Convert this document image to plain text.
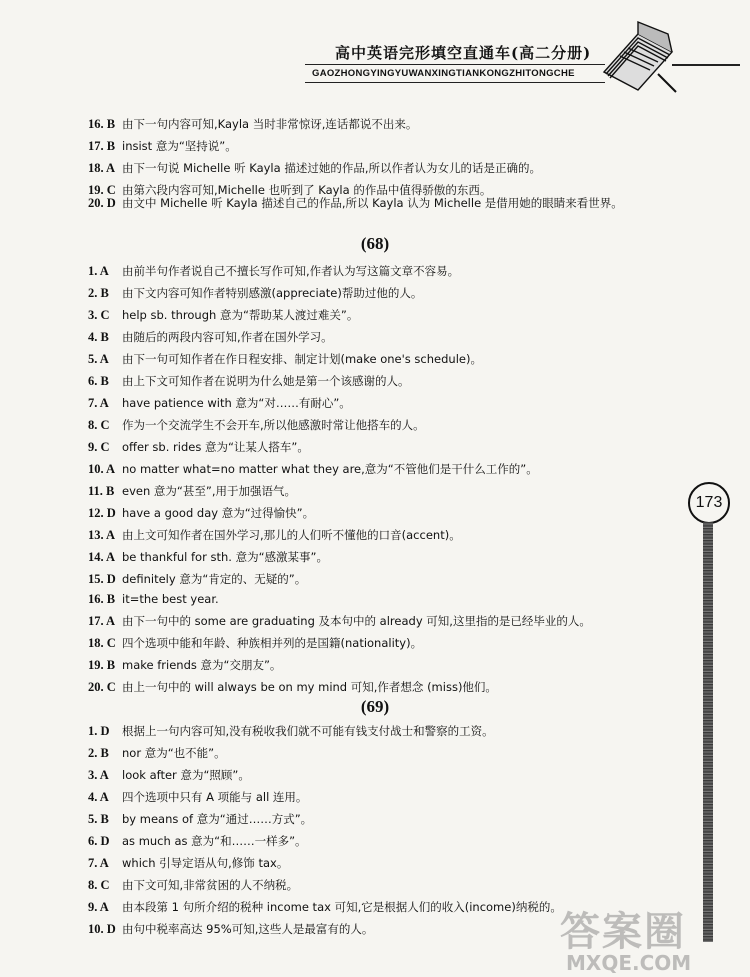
高中英语完形填空直通车(高二分册)
GAOZHONGYINGYUWANXINGTIANKONGZHITONGCHE
16. B 由下一句内容可知,Kayla 当时非常惊讶,连话都说不出来。
17. B insist 意为“坚持说”。
18. A 由下一句说 Michelle 听 Kayla 描述过她的作品,所以作者认为女儿的话是正确的。
19. C 由第六段内容可知,Michelle 也听到了 Kayla 的作品中值得骄傲的东西。
20. D 由文中 Michelle 听 Kayla 描述自己的作品,所以 Kayla 认为 Michelle 是借用她的眼睛来看世界。
(68)
1. A 由前半句作者说自己不擅长写作可知,作者认为写这篇文章不容易。
2. B 由下文内容可知作者特别感激(appreciate)帮助过他的人。
3. C help sb. through 意为“帮助某人渡过难关”。
4. B 由随后的两段内容可知,作者在国外学习。
5. A 由下一句可知作者在作日程安排、制定计划(make one's schedule)。
6. B 由上下文可知作者在说明为什么她是第一个该感谢的人。
7. A have patience with 意为“对……有耐心”。
8. C 作为一个交流学生不会开车,所以他感激时常让他搭车的人。
9. C offer sb. rides 意为“让某人搭车”。
10. A no matter what=no matter what they are,意为“不管他们是干什么工作的”。
11. B even 意为“甚至”,用于加强语气。
12. D have a good day 意为“过得愉快”。
13. A 由上文可知作者在国外学习,那儿的人们听不懂他的口音(accent)。
14. A be thankful for sth. 意为“感激某事”。
15. D definitely 意为“肯定的、无疑的”。
16. B it=the best year.
17. A 由下一句中的 some are graduating 及本句中的 already 可知,这里指的是已经毕业的人。
18. C 四个选项中能和年龄、种族相并列的是国籍(nationality)。
19. B make friends 意为“交朋友”。
20. C 由上一句中的 will always be on my mind 可知,作者想念 (miss)他们。
(69)
1. D 根据上一句内容可知,没有税收我们就不可能有钱支付战士和警察的工资。
2. B nor 意为“也不能”。
3. A look after 意为“照顾”。
4. A 四个选项中只有 A 项能与 all 连用。
5. B by means of 意为“通过……方式”。
6. D as much as 意为“和……一样多”。
7. A which 引导定语从句,修饰 tax。
8. C 由下文可知,非常贫困的人不纳税。
9. A 由本段第 1 句所介绍的税种 income tax 可知,它是根据人们的收入(income)纳税的。
10. D 由句中税率高达 95%可知,这些人是最富有的人。
173
答案圈
MXQE.COM
